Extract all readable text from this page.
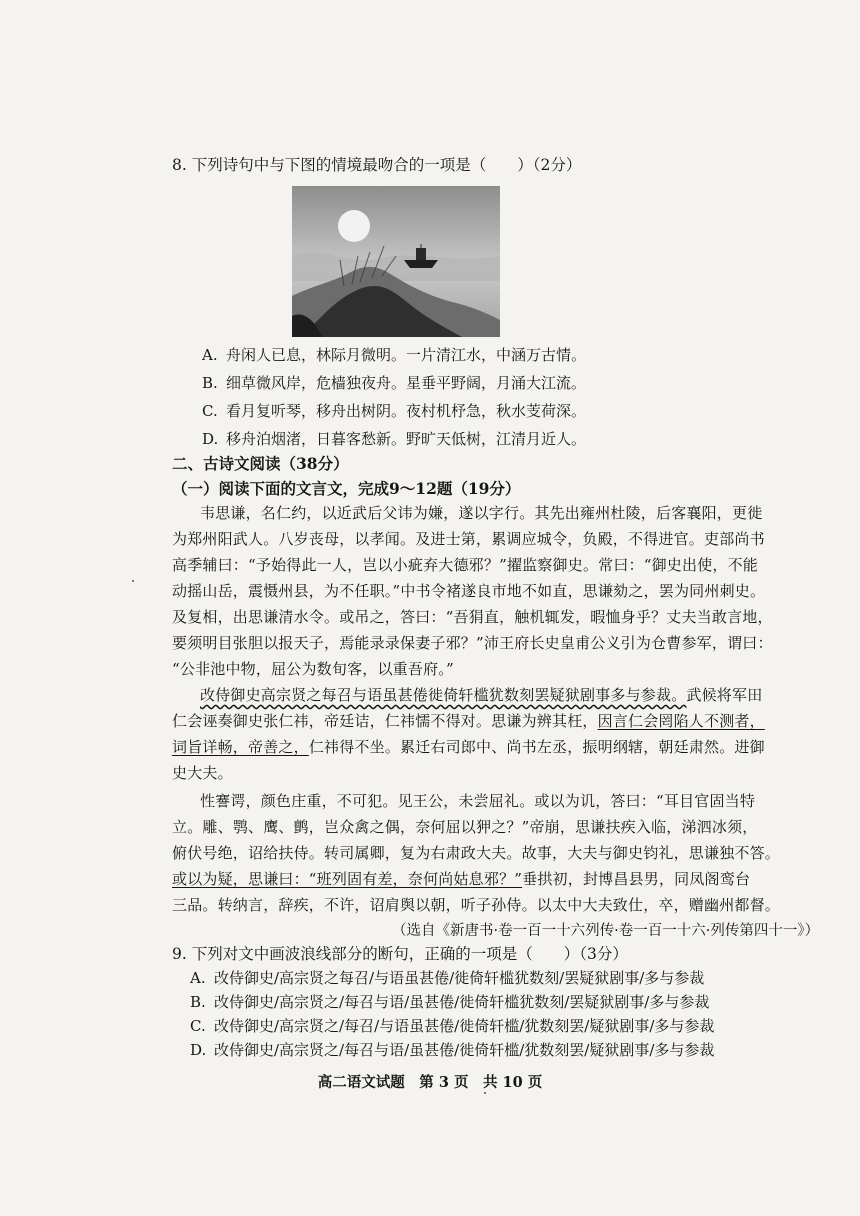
8. 下列诗句中与下图的情境最吻合的一项是（　　）（2分）
A. 舟闲人已息，林际月微明。一片清江水，中涵万古情。
B. 细草微风岸，危樯独夜舟。星垂平野阔，月涌大江流。
C. 看月复听琴，移舟出树阴。夜村机杼急，秋水芰荷深。
D. 移舟泊烟渚，日暮客愁新。野旷天低树，江清月近人。
二、古诗文阅读（38分）
（一）阅读下面的文言文，完成9～12题（19分）
韦思谦，名仁约，以近武后父讳为嫌，遂以字行。其先出雍州杜陵，后客襄阳，更徙
为郑州阳武人。八岁丧母，以孝闻。及进士第，累调应城令，负殿，不得进官。吏部尚书
高季辅曰：“予始得此一人，岂以小疵弃大德邪？”擢监察御史。常曰：“御史出使，不能
动摇山岳，震慑州县，为不任职。”中书令褚遂良市地不如直，思谦劾之，罢为同州刺史。
及复相，出思谦清水令。或吊之，答曰：“吾狷直，触机辄发，暇恤身乎？丈夫当敢言地，
要须明目张胆以报天子，焉能录录保妻子邪？”沛王府长史皇甫公义引为仓曹参军，谓曰：
“公非池中物，屈公为数旬客，以重吾府。”
改侍御史高宗贤之每召与语虽甚倦徙倚轩槛犹数刻罢疑狱剧事多与参裁。武候将军田
仁会诬奏御史张仁祎，帝廷诘，仁祎懦不得对。思谦为辨其枉，因言仁会罔陷人不测者，
词旨详畅，帝善之，仁祎得不坐。累迁右司郎中、尚书左丞，振明纲辖，朝廷肃然。进御
史大夫。
性謇谔，颜色庄重，不可犯。见王公，未尝屈礼。或以为讥，答曰：“耳目官固当特
立。雕、鹗、鹰、鹯，岂众禽之偶，奈何屈以狎之？”帝崩，思谦扶疾入临，涕泗冰须，
俯伏号绝，诏给扶侍。转司属卿，复为右肃政大夫。故事，大夫与御史钧礼，思谦独不答。
或以为疑，思谦曰：“班列固有差，奈何尚姑息邪？”垂拱初，封博昌县男，同凤阁鸾台
三品。转纳言，辞疾，不许，诏肩舆以朝，听子孙侍。以太中大夫致仕，卒，赠幽州都督。
（选自《新唐书·卷一百一十六列传·卷一百一十六·列传第四十一》）
9. 下列对文中画波浪线部分的断句，正确的一项是（　　）（3分）
A. 改侍御史/高宗贤之每召/与语虽甚倦/徙倚轩槛犹数刻/罢疑狱剧事/多与参裁
B. 改侍御史/高宗贤之/每召与语/虽甚倦/徙倚轩槛犹数刻/罢疑狱剧事/多与参裁
C. 改侍御史/高宗贤之/每召/与语虽甚倦/徙倚轩槛/犹数刻罢/疑狱剧事/多与参裁
D. 改侍御史/高宗贤之/每召与语/虽甚倦/徙倚轩槛/犹数刻罢/疑狱剧事/多与参裁
高二语文试题　第 3 页　共 10 页
